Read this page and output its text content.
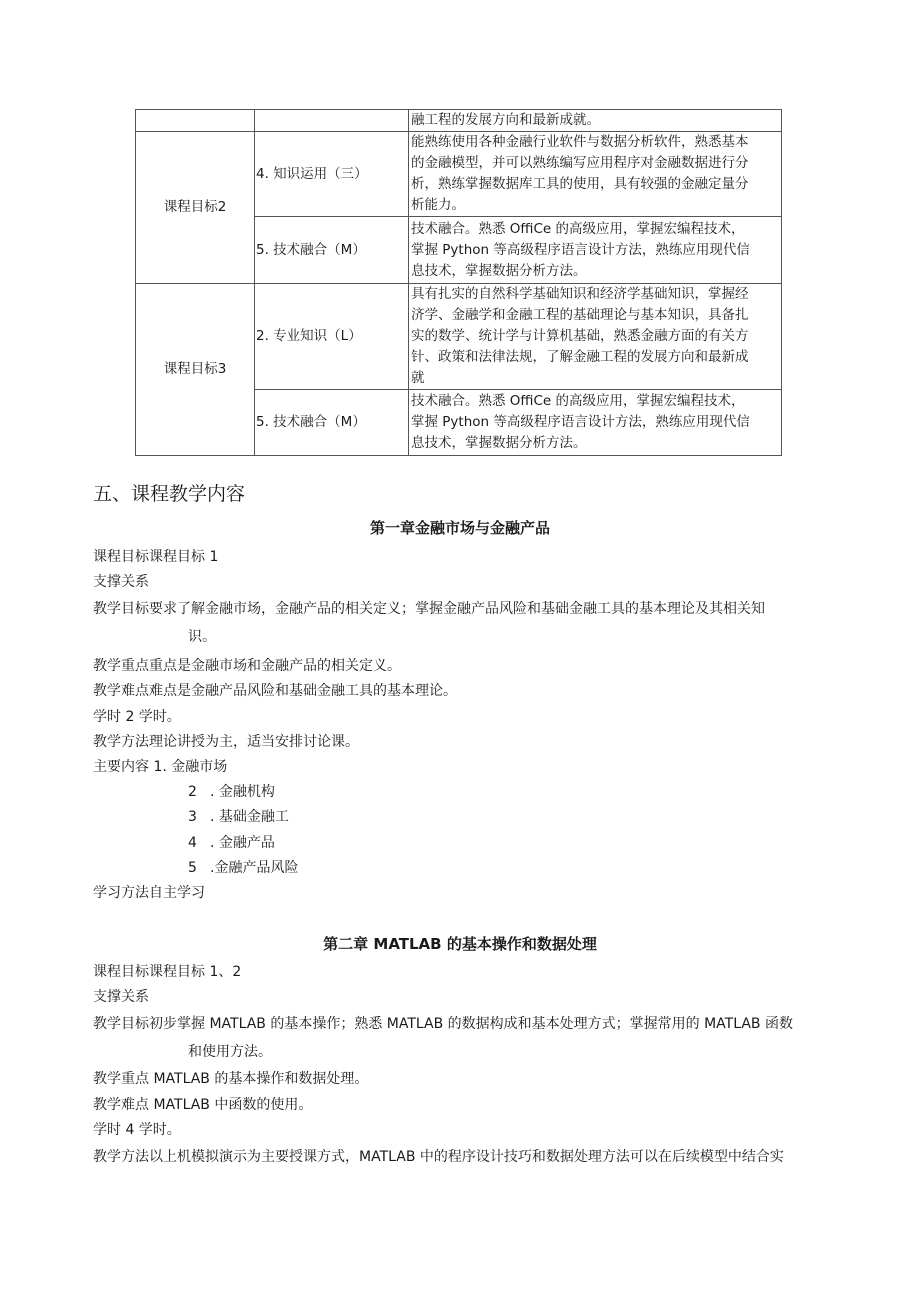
		融工程的发展方向和最新成就。
课程目标2	4. 知识运用（三）	能熟练使用各种金融行业软件与数据分析软件，熟悉基本
的金融模型，并可以熟练编写应用程序对金融数据进行分
析，熟练掌握数据库工具的使用，具有较强的金融定量分
析能力。
	5. 技术融合（M）	技术融合。熟悉 OffiCe 的高级应用，掌握宏编程技术，
掌握 Python 等高级程序语言设计方法，熟练应用现代信
息技术，掌握数据分析方法。
课程目标3	2. 专业知识（L）	具有扎实的自然科学基础知识和经济学基础知识，掌握经
济学、金融学和金融工程的基础理论与基本知识，具备扎
实的数学、统计学与计算机基础，熟悉金融方面的有关方
针、政策和法律法规，了解金融工程的发展方向和最新成
就
	5. 技术融合（M）	技术融合。熟悉 OffiCe 的高级应用，掌握宏编程技术，
掌握 Python 等高级程序语言设计方法，熟练应用现代信
息技术，掌握数据分析方法。
五、课程教学内容
第一章金融市场与金融产品
课程目标课程目标 1
支撑关系
教学目标要求了解金融市场，金融产品的相关定义；掌握金融产品风险和基础金融工具的基本理论及其相关知
识。
教学重点重点是金融市场和金融产品的相关定义。
教学难点难点是金融产品风险和基础金融工具的基本理论。
学时 2 学时。
教学方法理论讲授为主，适当安排讨论课。
主要内容 1. 金融市场
2 . 金融机构
3 . 基础金融工
4 . 金融产品
5 .金融产品风险
学习方法自主学习
第二章 MATLAB 的基本操作和数据处理
课程目标课程目标 1、2
支撑关系
教学目标初步掌握 MATLAB 的基本操作；熟悉 MATLAB 的数据构成和基本处理方式；掌握常用的 MATLAB 函数
和使用方法。
教学重点 MATLAB 的基本操作和数据处理。
教学难点 MATLAB 中函数的使用。
学时 4 学时。
教学方法以上机模拟演示为主要授课方式，MATLAB 中的程序设计技巧和数据处理方法可以在后续模型中结合实
